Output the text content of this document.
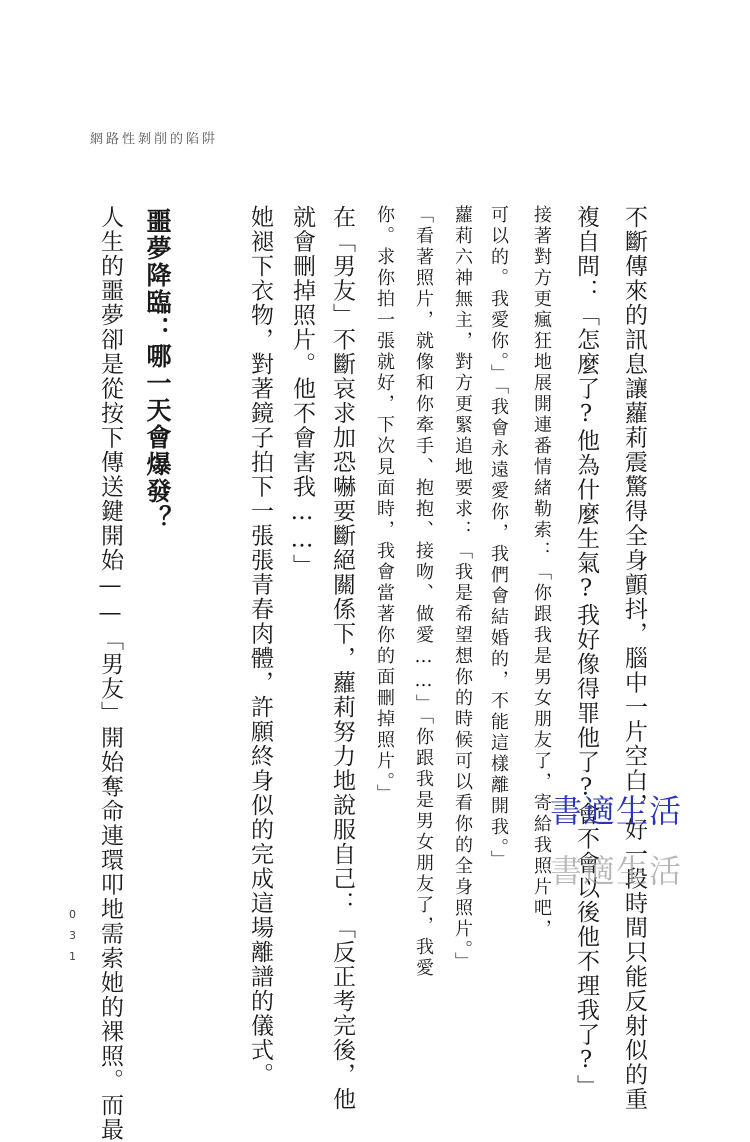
網路性剝削的陷阱

不斷傳來的訊息讓蘿莉震驚得全身顫抖，腦中一片空白，好一段時間只能反射似的重

複自問：「怎麼了?他為什麼生氣?我好像得罪他了?會不會以後他不理我了?」

接著對方更瘋狂地展開連番情緒勒索：「你跟我是男女朋友了，寄給我照片吧，

可以的。我愛你。」「我會永遠愛你，我們會結婚的，不能這樣離開我。」

蘿莉六神無主，對方更緊追地要求：「我是希望想你的時候可以看你的全身照片。」

「看著照片，就像和你牽手、抱抱、接吻、做愛……」「你跟我是男女朋友了，我愛

你。求你拍一張就好，下次見面時，我會當著你的面刪掉照片。」

在「男友」不斷哀求加恐嚇要斷絕關係下，蘿莉努力地說服自己：「反正考完後，他

就會刪掉照片。他不會害我……」

她褪下衣物，對著鏡子拍下一張張青春肉體，許願終身似的完成這場離譜的儀式。

噩夢降臨：哪一天會爆發？

人生的噩夢卻是從按下傳送鍵開始——「男友」開始奪命連環叩地需索她的裸照。而最

031
書適生活
書適生活
